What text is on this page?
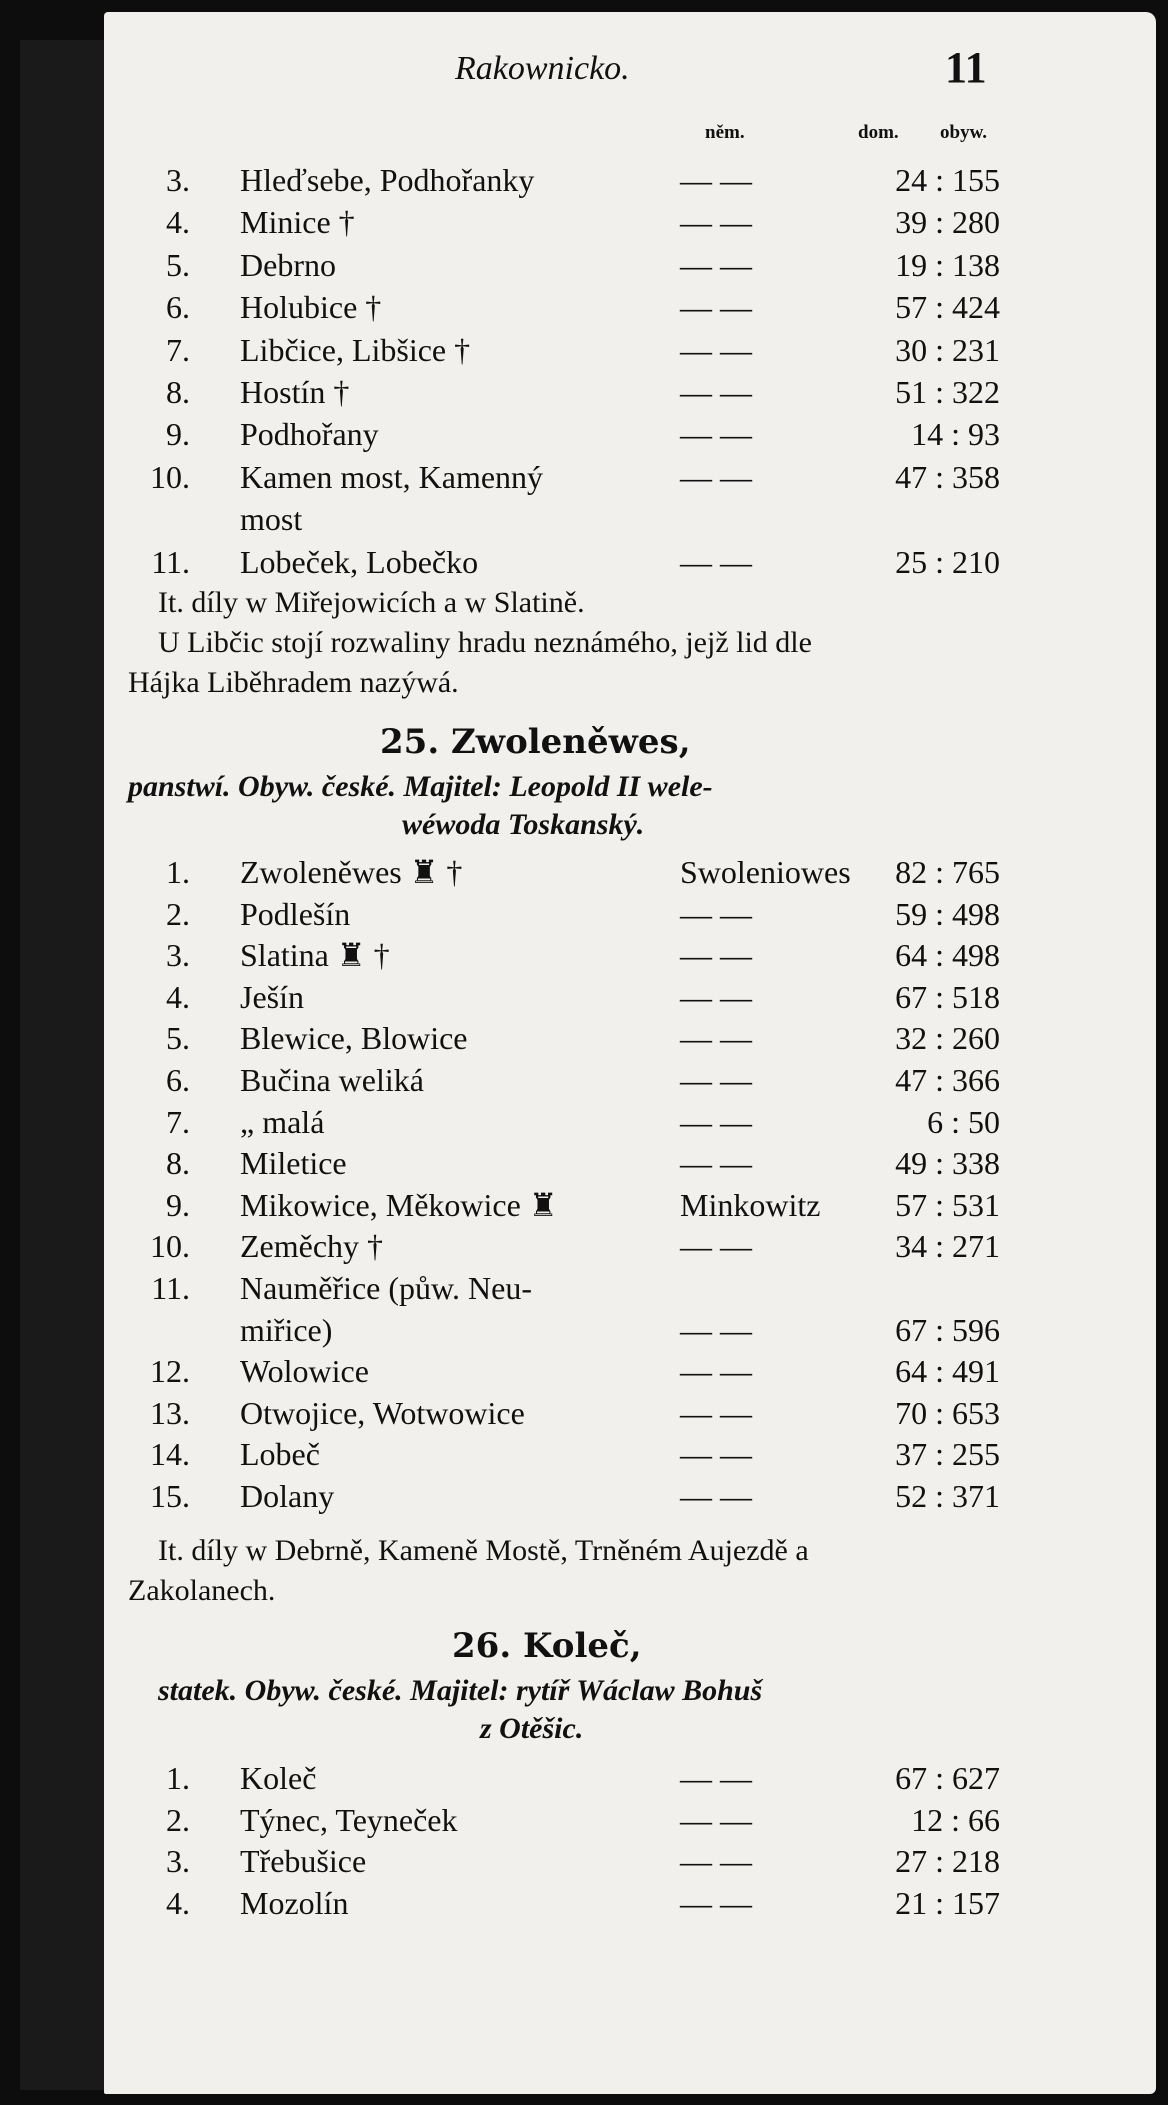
Rakownicko.	11
něm.	dom. obyw.
3. Hleďsebe, Podhořanky	— —	24 : 155
4. Minice †	— —	39 : 280
5. Debrno	— —	19 : 138
6. Holubice †	— —	57 : 424
7. Libčice, Libšice †	— —	30 : 231
8. Hostín †	— —	51 : 322
9. Podhořany	— —	14 : 93
10. Kamen most, Kamenný	— —	47 : 358
most
11. Lobeček, Lobečko	— —	25 : 210
It. díly w Miřejowicích a w Slatině.
U Libčic stojí rozwaliny hradu neznámého, jejž lid dle
Hájka Liběhradem nazýwá.
25. Zwoleněwes,
panstwí. Obyw. české. Majitel: Leopold II wele-
wéwoda Toskanský.
1. Zwoleněwes ♜ †	Swoleniowes	82 : 765
2. Podlešín	— —	59 : 498
3. Slatina ♜ †	— —	64 : 498
4. Ješín	— —	67 : 518
5. Blewice, Blowice	— —	32 : 260
6. Bučina weliká	— —	47 : 366
7. „ malá	— —	6 : 50
8. Miletice	— —	49 : 338
9. Mikowice, Měkowice ♜	Minkowitz	57 : 531
10. Zeměchy †	— —	34 : 271
11. Nauměřice (půw. Neu-
miřice)	— —	67 : 596
12. Wolowice	— —	64 : 491
13. Otwojice, Wotwowice	— —	70 : 653
14. Lobeč	— —	37 : 255
15. Dolany	— —	52 : 371
It. díly w Debrně, Kameně Mostě, Trněném Aujezdě a
Zakolanech.
26. Koleč,
statek. Obyw. české. Majitel: rytíř Wáclaw Bohuš
z Otěšic.
1. Koleč	— —	67 : 627
2. Týnec, Teyneček	— —	12 : 66
3. Třebušice	— —	27 : 218
4. Mozolín	— —	21 : 157
